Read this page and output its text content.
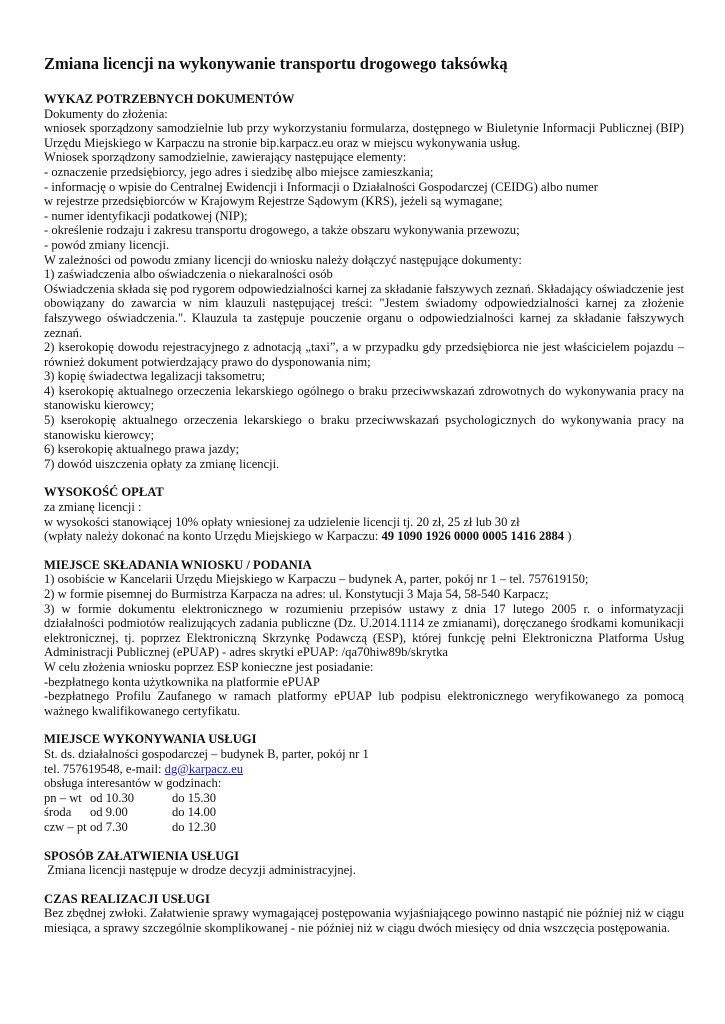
Zmiana licencji na wykonywanie transportu drogowego taksówką
WYKAZ POTRZEBNYCH DOKUMENTÓW
Dokumenty do złożenia:
wniosek sporządzony samodzielnie lub przy wykorzystaniu formularza, dostępnego w Biuletynie Informacji Publicznej (BIP) Urzędu Miejskiego w Karpaczu na stronie bip.karpacz.eu oraz w miejscu wykonywania usług.
Wniosek sporządzony samodzielnie, zawierający następujące elementy:
- oznaczenie przedsiębiorcy, jego adres i siedzibę albo miejsce zamieszkania;
- informację o wpisie do Centralnej Ewidencji i Informacji o Działalności Gospodarczej (CEIDG) albo numer
w rejestrze przedsiębiorców w Krajowym Rejestrze Sądowym (KRS), jeżeli są wymagane;
- numer identyfikacji podatkowej (NIP);
- określenie rodzaju i zakresu transportu drogowego, a także obszaru wykonywania przewozu;
- powód zmiany licencji.
W zależności od powodu zmiany licencji do wniosku należy dołączyć następujące dokumenty:
1) zaświadczenia albo oświadczenia o niekaralności osób
Oświadczenia składa się pod rygorem odpowiedzialności karnej za składanie fałszywych zeznań. Składający oświadczenie jest obowiązany do zawarcia w nim klauzuli następującej treści: "Jestem świadomy odpowiedzialności karnej za złożenie fałszywego oświadczenia.". Klauzula ta zastępuje pouczenie organu o odpowiedzialności karnej za składanie fałszywych zeznań.
2) kserokopię dowodu rejestracyjnego z adnotacją „taxi”, a w przypadku gdy przedsiębiorca nie jest właścicielem pojazdu – również dokument potwierdzający prawo do dysponowania nim;
3) kopię świadectwa legalizacji taksometru;
4) kserokopię aktualnego orzeczenia lekarskiego ogólnego o braku przeciwwskazań zdrowotnych do wykonywania pracy na stanowisku kierowcy;
5) kserokopię aktualnego orzeczenia lekarskiego o braku przeciwwskazań psychologicznych do wykonywania pracy na stanowisku kierowcy;
6) kserokopię aktualnego prawa jazdy;
7) dowód uiszczenia opłaty za zmianę licencji.
WYSOKOŚĆ OPŁAT
za zmianę licencji :
w wysokości stanowiącej 10% opłaty wniesionej za udzielenie licencji tj. 20 zł, 25 zł lub 30 zł
(wpłaty należy dokonać na konto Urzędu Miejskiego w Karpaczu: 49 1090 1926 0000 0005 1416 2884 )
MIEJSCE SKŁADANIA WNIOSKU / PODANIA
1) osobiście w Kancelarii Urzędu Miejskiego w Karpaczu – budynek A, parter, pokój nr 1 – tel. 757619150;
2) w formie pisemnej do Burmistrza Karpacza na adres: ul. Konstytucji 3 Maja 54, 58-540 Karpacz;
3) w formie dokumentu elektronicznego w rozumieniu przepisów ustawy z dnia 17 lutego 2005 r. o informatyzacji działalności podmiotów realizujących zadania publiczne (Dz. U.2014.1114 ze zmianami), doręczanego środkami komunikacji elektronicznej, tj. poprzez Elektroniczną Skrzynkę Podawczą (ESP), której funkcję pełni Elektroniczna Platforma Usług Administracji Publicznej (ePUAP) - adres skrytki ePUAP: /qa70hiw89b/skrytka
W celu złożenia wniosku poprzez ESP konieczne jest posiadanie:
-bezpłatnego konta użytkownika na platformie ePUAP
-bezpłatnego Profilu Zaufanego w ramach platformy ePUAP lub podpisu elektronicznego weryfikowanego za pomocą ważnego kwalifikowanego certyfikatu.
MIEJSCE WYKONYWANIA USŁUGI
St. ds. działalności gospodarczej – budynek B, parter, pokój nr 1
tel. 757619548, e-mail: dg@karpacz.eu
obsługa interesantów w godzinach:
pn – wt	od 10.30	do 15.30
środa	od 9.00	do 14.00
czw – pt	od 7.30	do 12.30
SPOSÓB ZAŁATWIENIA USŁUGI
Zmiana licencji następuje w drodze decyzji administracyjnej.
CZAS REALIZACJI USŁUGI
Bez zbędnej zwłoki. Załatwienie sprawy wymagającej postępowania wyjaśniającego powinno nastąpić nie później niż w ciągu miesiąca, a sprawy szczególnie skomplikowanej - nie później niż w ciągu dwóch miesięcy od dnia wszczęcia postępowania.
